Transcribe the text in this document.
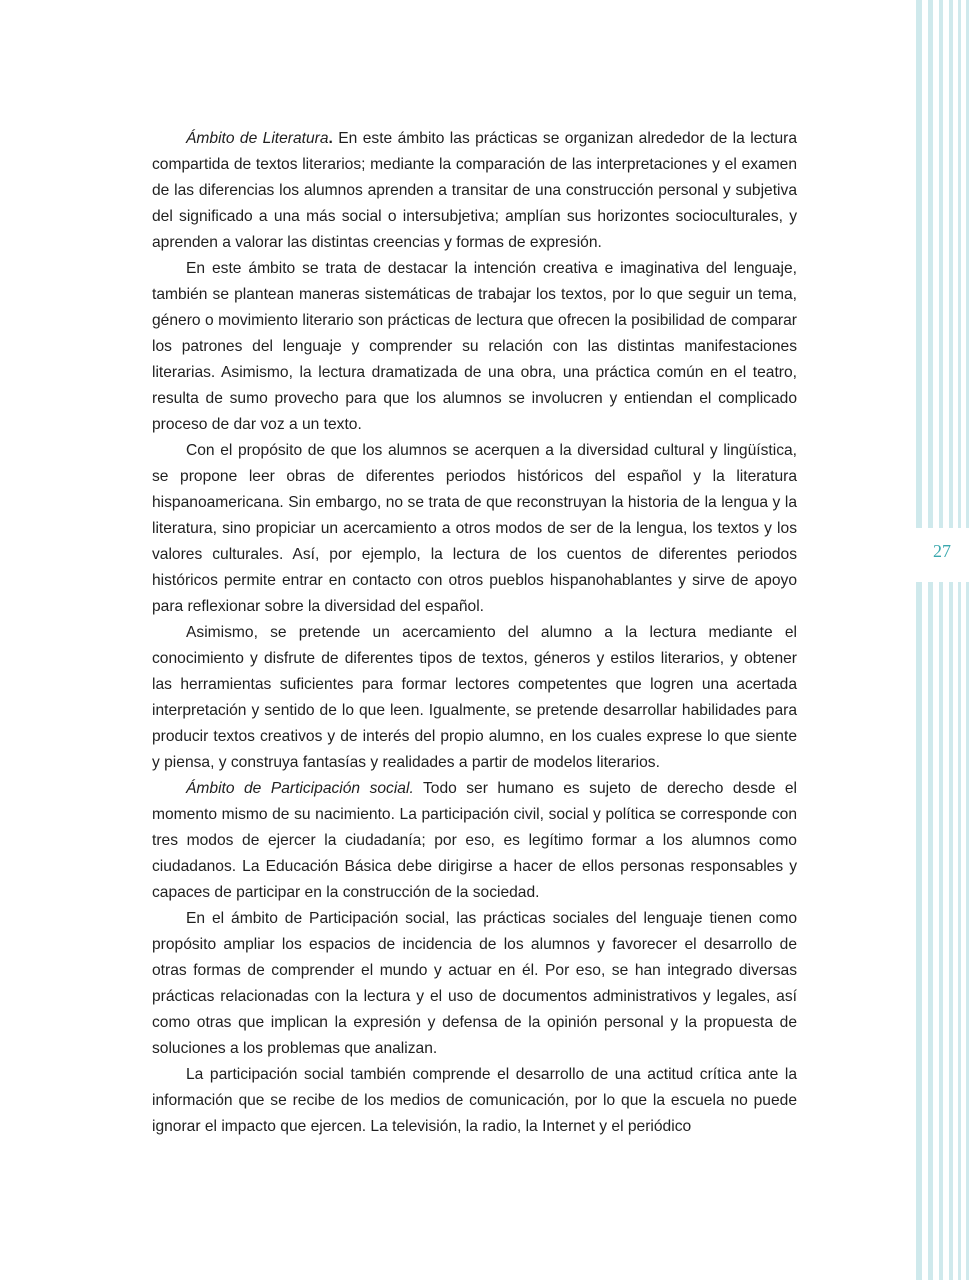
27

Ámbito de Literatura. En este ámbito las prácticas se organizan alrededor de la lectura compartida de textos literarios; mediante la comparación de las interpretaciones y el examen de las diferencias los alumnos aprenden a transitar de una construcción personal y subjetiva del significado a una más social o intersubjetiva; amplían sus horizontes socioculturales, y aprenden a valorar las distintas creencias y formas de expresión.

En este ámbito se trata de destacar la intención creativa e imaginativa del lenguaje, también se plantean maneras sistemáticas de trabajar los textos, por lo que seguir un tema, género o movimiento literario son prácticas de lectura que ofrecen la posibilidad de comparar los patrones del lenguaje y comprender su relación con las distintas manifestaciones literarias. Asimismo, la lectura dramatizada de una obra, una práctica común en el teatro, resulta de sumo provecho para que los alumnos se involucren y entiendan el complicado proceso de dar voz a un texto.

Con el propósito de que los alumnos se acerquen a la diversidad cultural y lingüística, se propone leer obras de diferentes periodos históricos del español y la literatura hispanoamericana. Sin embargo, no se trata de que reconstruyan la historia de la lengua y la literatura, sino propiciar un acercamiento a otros modos de ser de la lengua, los textos y los valores culturales. Así, por ejemplo, la lectura de los cuentos de diferentes periodos históricos permite entrar en contacto con otros pueblos hispanohablantes y sirve de apoyo para reflexionar sobre la diversidad del español.

Asimismo, se pretende un acercamiento del alumno a la lectura mediante el conocimiento y disfrute de diferentes tipos de textos, géneros y estilos literarios, y obtener las herramientas suficientes para formar lectores competentes que logren una acertada interpretación y sentido de lo que leen. Igualmente, se pretende desarrollar habilidades para producir textos creativos y de interés del propio alumno, en los cuales exprese lo que siente y piensa, y construya fantasías y realidades a partir de modelos literarios.

Ámbito de Participación social. Todo ser humano es sujeto de derecho desde el momento mismo de su nacimiento. La participación civil, social y política se corresponde con tres modos de ejercer la ciudadanía; por eso, es legítimo formar a los alumnos como ciudadanos. La Educación Básica debe dirigirse a hacer de ellos personas responsables y capaces de participar en la construcción de la sociedad.

En el ámbito de Participación social, las prácticas sociales del lenguaje tienen como propósito ampliar los espacios de incidencia de los alumnos y favorecer el desarrollo de otras formas de comprender el mundo y actuar en él. Por eso, se han integrado diversas prácticas relacionadas con la lectura y el uso de documentos administrativos y legales, así como otras que implican la expresión y defensa de la opinión personal y la propuesta de soluciones a los problemas que analizan.

La participación social también comprende el desarrollo de una actitud crítica ante la información que se recibe de los medios de comunicación, por lo que la escuela no puede ignorar el impacto que ejercen. La televisión, la radio, la Internet y el periódico
